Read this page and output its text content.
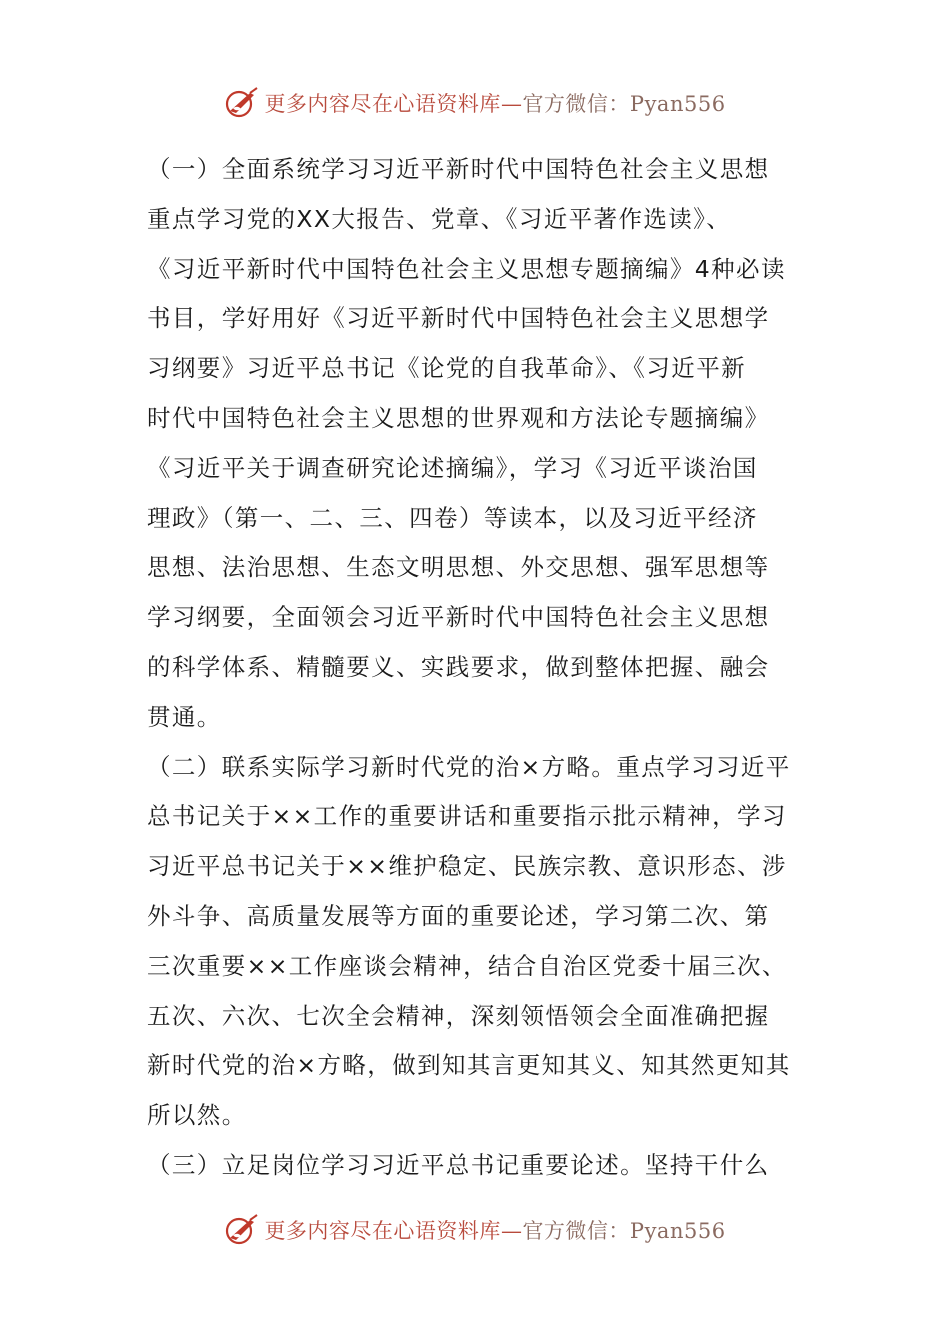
更多内容尽在心语资料库—官方微信：Pyan556

（一）全面系统学习习近平新时代中国特色社会主义思想
重点学习党的XX大报告、党章、《习近平著作选读》、
《习近平新时代中国特色社会主义思想专题摘编》4种必读
书目，学好用好《习近平新时代中国特色社会主义思想学
习纲要》习近平总书记《论党的自我革命》、《习近平新
时代中国特色社会主义思想的世界观和方法论专题摘编》
《习近平关于调查研究论述摘编》，学习《习近平谈治国
理政》（第一、二、三、四卷）等读本，以及习近平经济
思想、法治思想、生态文明思想、外交思想、强军思想等
学习纲要，全面领会习近平新时代中国特色社会主义思想
的科学体系、精髓要义、实践要求，做到整体把握、融会
贯通。

（二）联系实际学习新时代党的治×方略。重点学习习近平
总书记关于××工作的重要讲话和重要指示批示精神，学习
习近平总书记关于××维护稳定、民族宗教、意识形态、涉
外斗争、高质量发展等方面的重要论述，学习第二次、第
三次重要××工作座谈会精神，结合自治区党委十届三次、
五次、六次、七次全会精神，深刻领悟领会全面准确把握
新时代党的治×方略，做到知其言更知其义、知其然更知其
所以然。

（三）立足岗位学习习近平总书记重要论述。坚持干什么

更多内容尽在心语资料库—官方微信：Pyan556
